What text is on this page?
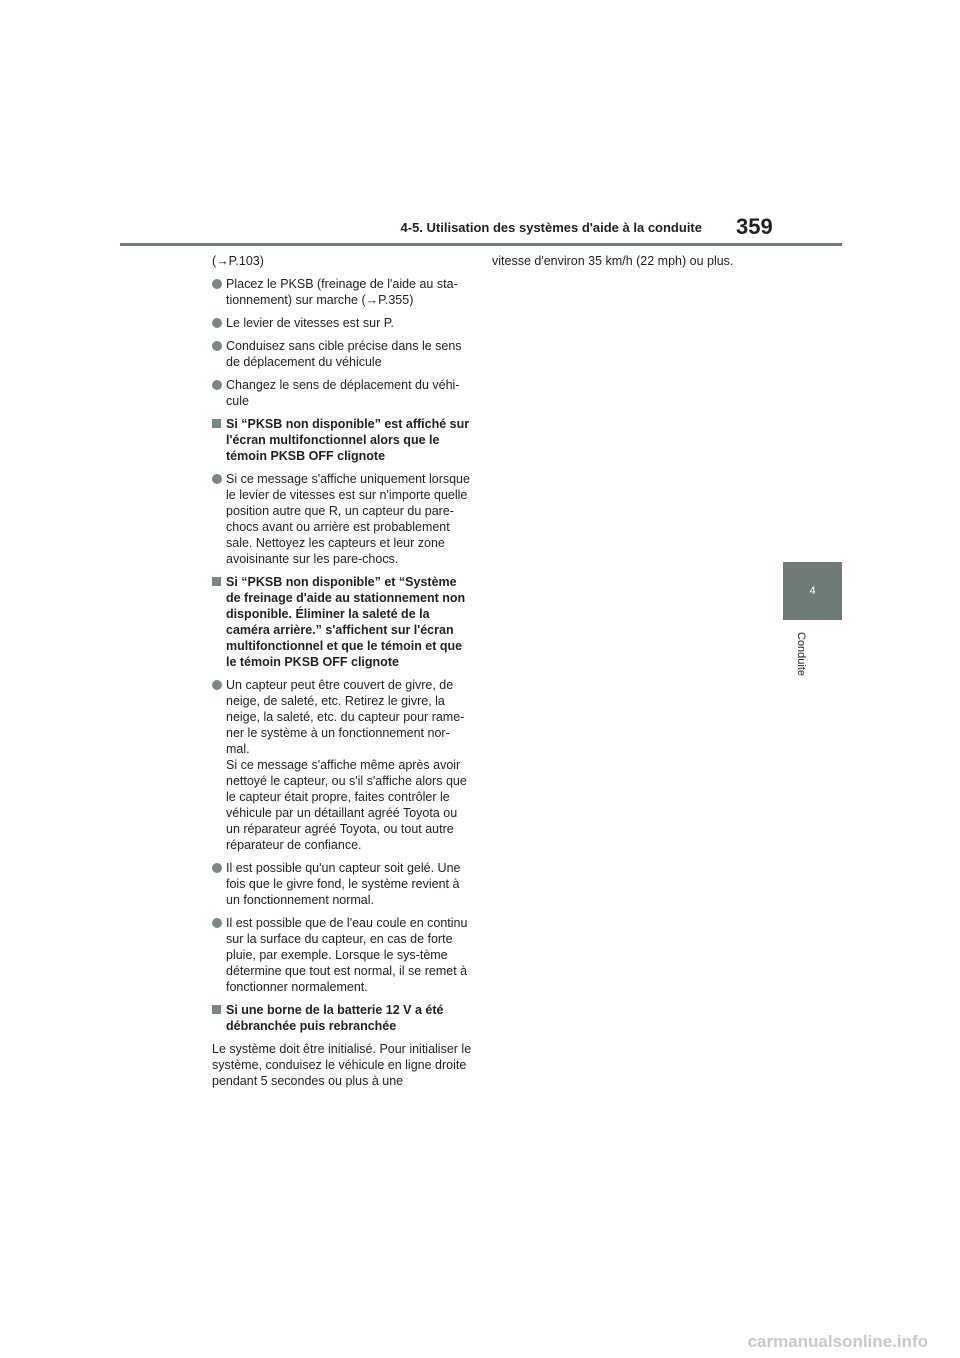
4-5. Utilisation des systèmes d'aide à la conduite 359
4
Conduite

(→P.103)

Placez le PKSB (freinage de l'aide au sta-tionnement) sur marche (→P.355)
Le levier de vitesses est sur P.
Conduisez sans cible précise dans le sens de déplacement du véhicule
Changez le sens de déplacement du véhi-cule
Si “PKSB non disponible” est affiché sur l'écran multifonctionnel alors que le témoin PKSB OFF clignote
Si ce message s'affiche uniquement lorsque le levier de vitesses est sur n'importe quelle position autre que R, un capteur du pare-chocs avant ou arrière est probablement sale. Nettoyez les capteurs et leur zone avoisinante sur les pare-chocs.
Si “PKSB non disponible” et “Système de freinage d'aide au stationnement non disponible. Éliminer la saleté de la caméra arrière.” s'affichent sur l'écran multifonctionnel et que le témoin et que le témoin PKSB OFF clignote
Un capteur peut être couvert de givre, de neige, de saleté, etc. Retirez le givre, la neige, la saleté, etc. du capteur pour rame-ner le système à un fonctionnement nor-mal.
Si ce message s'affiche même après avoir nettoyé le capteur, ou s'il s'affiche alors que le capteur était propre, faites contrôler le véhicule par un détaillant agréé Toyota ou un réparateur agréé Toyota, ou tout autre réparateur de confiance.
Il est possible qu'un capteur soit gelé. Une fois que le givre fond, le système revient à un fonctionnement normal.
Il est possible que de l'eau coule en continu sur la surface du capteur, en cas de forte pluie, par exemple. Lorsque le sys-tème détermine que tout est normal, il se remet à fonctionner normalement.
Si une borne de la batterie 12 V a été débranchée puis rebranchée

Le système doit être initialisé. Pour initialiser le système, conduisez le véhicule en ligne droite pendant 5 secondes ou plus à une

vitesse d'environ 35 km/h (22 mph) ou plus.

carmanualsonline.info
